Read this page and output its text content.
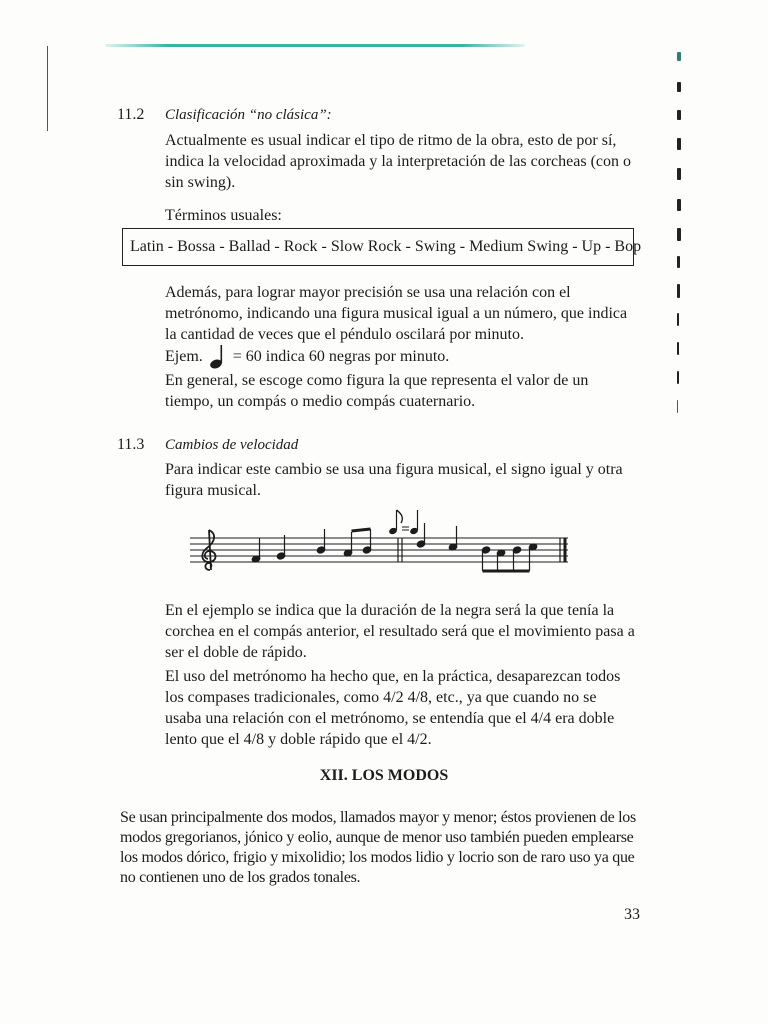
11.2 Clasificación “no clásica”:

Actualmente es usual indicar el tipo de ritmo de la obra, esto de por sí, indica la velocidad aproximada y la interpretación de las corcheas (con o sin swing).

Términos usuales:

Latin - Bossa - Ballad - Rock - Slow Rock - Swing - Medium Swing - Up - Bop

Además, para lograr mayor precisión se usa una relación con el metrónomo, indicando una figura musical igual a un número, que indica la cantidad de veces que el péndulo oscilará por minuto.

Ejem. = 60 indica 60 negras por minuto.

En general, se escoge como figura la que representa el valor de un tiempo, un compás o medio compás cuaternario.

11.3 Cambios de velocidad

Para indicar este cambio se usa una figura musical, el signo igual y otra figura musical.

En el ejemplo se indica que la duración de la negra será la que tenía la corchea en el compás anterior, el resultado será que el movimiento pasa a ser el doble de rápido.

El uso del metrónomo ha hecho que, en la práctica, desaparezcan todos los compases tradicionales, como 4/2 4/8, etc., ya que cuando no se usaba una relación con el metrónomo, se entendía que el 4/4 era doble lento que el 4/8 y doble rápido que el 4/2.

XII. LOS MODOS

Se usan principalmente dos modos, llamados mayor y menor; éstos provienen de los modos gregorianos, jónico y eolio, aunque de menor uso también pueden emplearse los modos dórico, frigio y mixolidio; los modos lidio y locrio son de raro uso ya que no contienen uno de los grados tonales.

33
